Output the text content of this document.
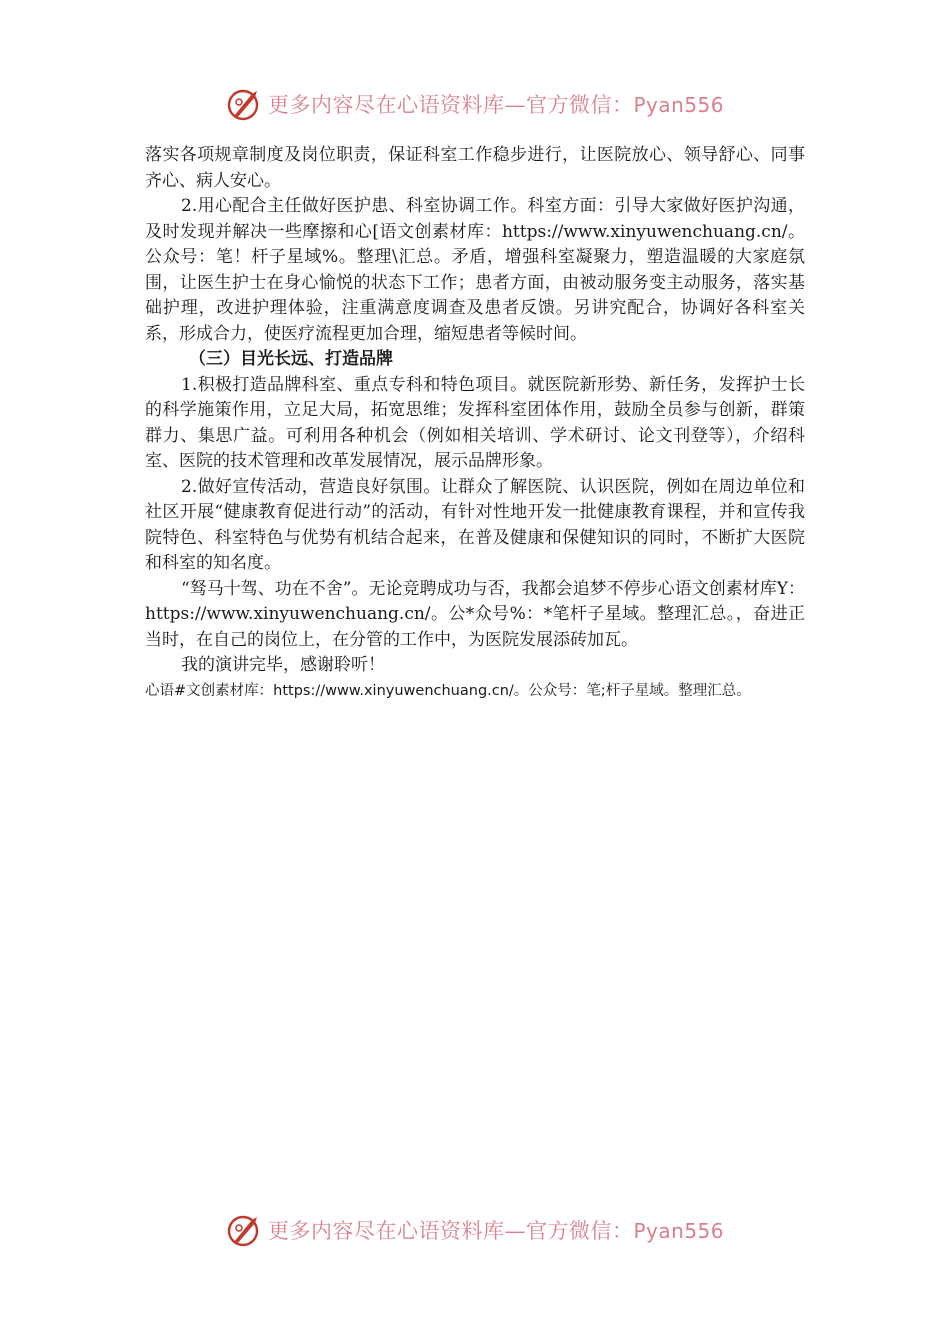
更多内容尽在心语资料库—官方微信：Pyan556

落实各项规章制度及岗位职责，保证科室工作稳步进行，让医院放心、领导舒心、同事齐心、病人安心。

2.用心配合主任做好医护患、科室协调工作。科室方面：引导大家做好医护沟通，及时发现并解决一些摩擦和心[语文创素材库：https://www.xinyuwenchuang.cn/。公众号：笔！杆子星域%。整理\汇总。矛盾，增强科室凝聚力，塑造温暖的大家庭氛围，让医生护士在身心愉悦的状态下工作；患者方面，由被动服务变主动服务，落实基础护理，改进护理体验，注重满意度调查及患者反馈。另讲究配合，协调好各科室关系，形成合力，使医疗流程更加合理，缩短患者等候时间。

（三）目光长远、打造品牌

1.积极打造品牌科室、重点专科和特色项目。就医院新形势、新任务，发挥护士长的科学施策作用，立足大局，拓宽思维；发挥科室团体作用，鼓励全员参与创新，群策群力、集思广益。可利用各种机会（例如相关培训、学术研讨、论文刊登等），介绍科室、医院的技术管理和改革发展情况，展示品牌形象。

2.做好宣传活动，营造良好氛围。让群众了解医院、认识医院，例如在周边单位和社区开展“健康教育促进行动”的活动，有针对性地开发一批健康教育课程，并和宣传我院特色、科室特色与优势有机结合起来，在普及健康和保健知识的同时，不断扩大医院和科室的知名度。

“驽马十驾、功在不舍”。无论竞聘成功与否，我都会追梦不停步心语文创素材库Y：https://www.xinyuwenchuang.cn/。公*众号%：*笔杆子星域。整理汇总。，奋进正当时，在自己的岗位上，在分管的工作中，为医院发展添砖加瓦。

我的演讲完毕，感谢聆听！

心语#文创素材库：https://www.xinyuwenchuang.cn/。公众号：笔;杆子星域。整理汇总。

更多内容尽在心语资料库—官方微信：Pyan556
